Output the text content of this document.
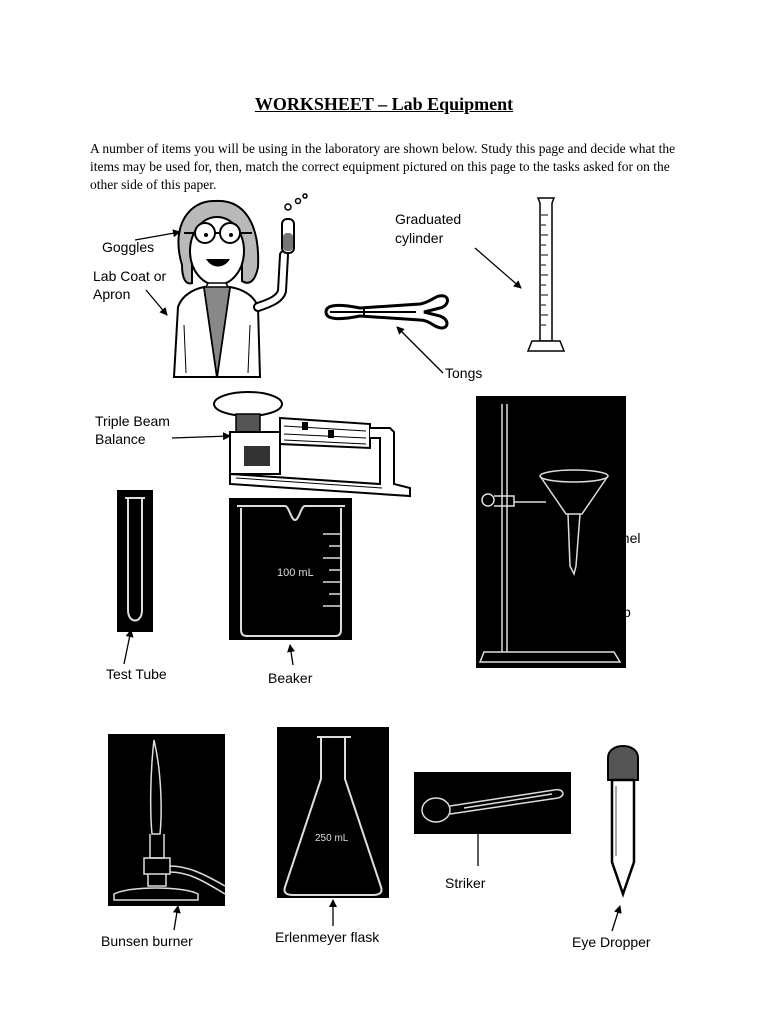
WORKSHEET – Lab Equipment
A number of items you will be using in the laboratory are shown below. Study this page and decide what the items may be used for, then, match the correct equipment pictured on this page to the tasks asked for on the other side of this paper.
Goggles
Lab Coat or
Apron
Tongs
Graduated
cylinder
Triple Beam
Balance
nnel
p
Test Tube
100 mL
Beaker
Bunsen burner
250 mL
Erlenmeyer flask
Striker
Eye Dropper
